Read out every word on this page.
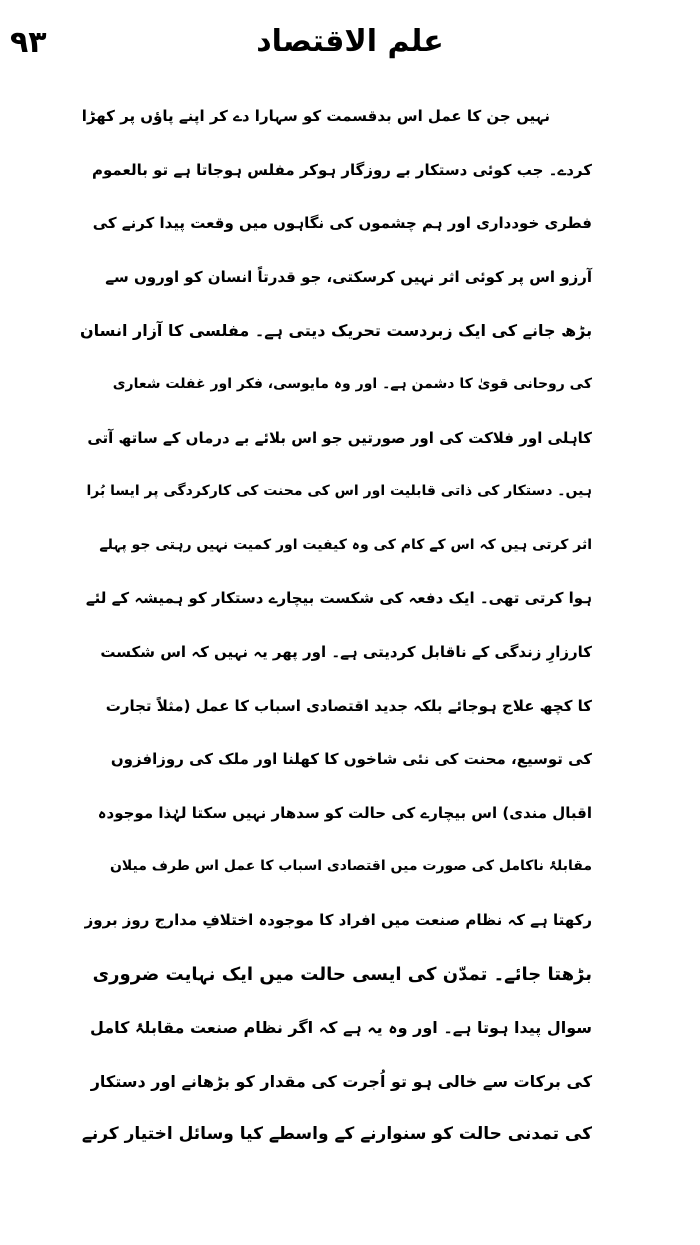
۹۳	علم الاقتصاد
نہیں جن کا عمل اس بدقسمت کو سہارا دے کر اپنے پاؤں پر کھڑا
کردے۔ جب کوئی دستکار بے روزگار ہوکر مفلس ہوجاتا ہے تو بالعموم
فطری خودداری اور ہم چشموں کی نگاہوں میں وقعت پیدا کرنے کی
آرزو اس پر کوئی اثر نہیں کرسکتی، جو قدرتاً انسان کو اوروں سے
بڑھ جانے کی ایک زبردست تحریک دیتی ہے۔ مفلسی کا آزار انسان
کی روحانی قویٰ کا دشمن ہے۔ اور وہ مایوسی، فکر اور غفلت شعاری
کاہلی اور فلاکت کی اور صورتیں جو اس بلائے بے درماں کے ساتھ آتی
ہیں۔ دستکار کی ذاتی قابلیت اور اس کی محنت کی کارکردگی پر ایسا بُرا
اثر کرتی ہیں کہ اس کے کام کی وہ کیفیت اور کمیت نہیں رہتی جو پہلے
ہوا کرتی تھی۔ ایک دفعہ کی شکست بیچارے دستکار کو ہمیشہ کے لئے
کارزارِ زندگی کے ناقابل کردیتی ہے۔ اور پھر یہ نہیں کہ اس شکست
کا کچھ علاج ہوجائے بلکہ جدید اقتصادی اسباب کا عمل (مثلاً تجارت
کی توسیع، محنت کی نئی شاخوں کا کھلنا اور ملک کی روزافزوں
اقبال مندی) اس بیچارے کی حالت کو سدھار نہیں سکتا لہٰذا موجودہ
مقابلۂ ناکامل کی صورت میں اقتصادی اسباب کا عمل اس طرف میلان
رکھتا ہے کہ نظام صنعت میں افراد کا موجودہ اختلافِ مدارج روز بروز
بڑھتا جائے۔ تمدّن کی ایسی حالت میں ایک نہایت ضروری
سوال پیدا ہوتا ہے۔ اور وہ یہ ہے کہ اگر نظام صنعت مقابلۂ کامل
کی برکات سے خالی ہو تو اُجرت کی مقدار کو بڑھانے اور دستکار
کی تمدنی حالت کو سنوارنے کے واسطے کیا وسائل اختیار کرنے
